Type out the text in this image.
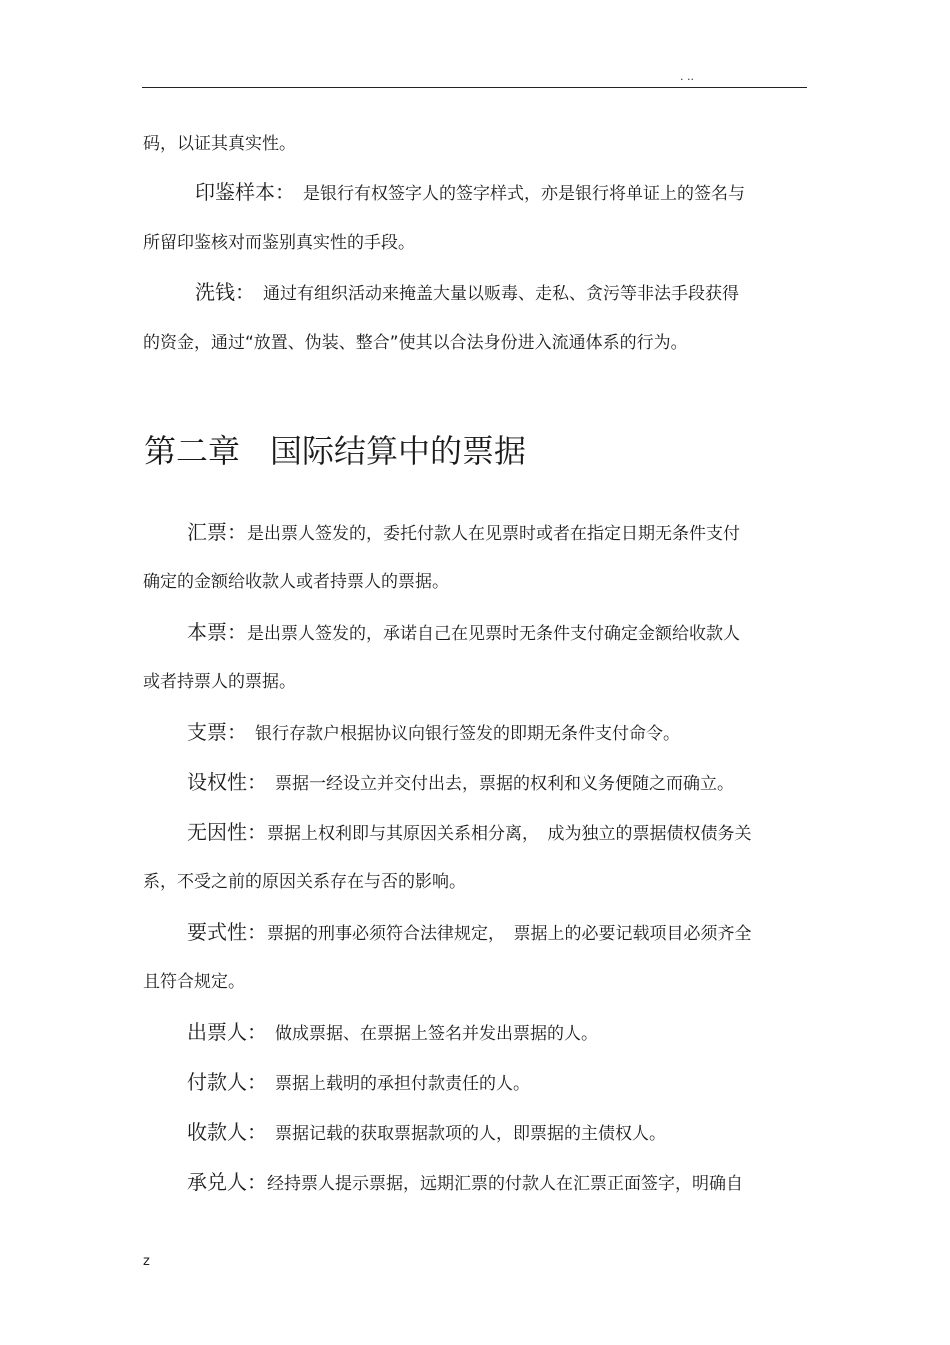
. ..
码，以证其真实性。
印鉴样本： 是银行有权签字人的签字样式，亦是银行将单证上的签名与
所留印鉴核对而鉴别真实性的手段。
洗钱： 通过有组织活动来掩盖大量以贩毒、走私、贪污等非法手段获得
的资金，通过“放置、伪装、整合”使其以合法身份进入流通体系的行为。
第二章 国际结算中的票据
汇票：是出票人签发的，委托付款人在见票时或者在指定日期无条件支付
确定的金额给收款人或者持票人的票据。
本票：是出票人签发的，承诺自己在见票时无条件支付确定金额给收款人
或者持票人的票据。
支票： 银行存款户根据协议向银行签发的即期无条件支付命令。
设权性： 票据一经设立并交付出去，票据的权利和义务便随之而确立。
无因性：票据上权利即与其原因关系相分离，　成为独立的票据债权债务关
系，不受之前的原因关系存在与否的影响。
要式性：票据的刑事必须符合法律规定，　票据上的必要记载项目必须齐全
且符合规定。
出票人： 做成票据、在票据上签名并发出票据的人。
付款人： 票据上载明的承担付款责任的人。
收款人： 票据记载的获取票据款项的人，即票据的主债权人。
承兑人：经持票人提示票据，远期汇票的付款人在汇票正面签字，明确自
z
